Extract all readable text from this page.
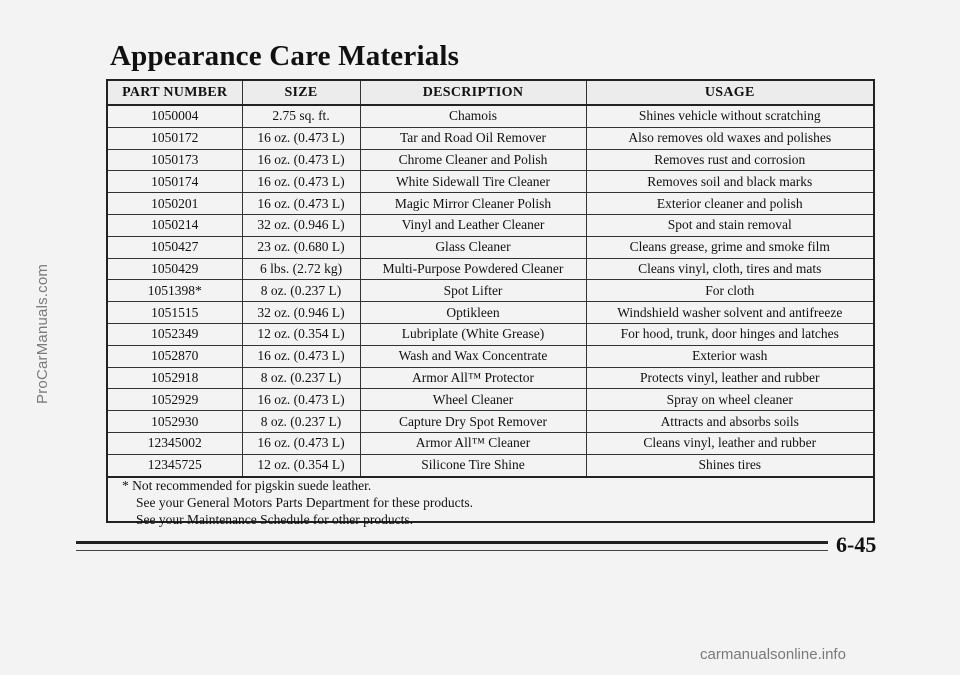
Appearance Care Materials
PART NUMBER	SIZE	DESCRIPTION	USAGE
1050004	2.75 sq. ft.	Chamois	Shines vehicle without scratching
1050172	16 oz. (0.473 L)	Tar and Road Oil Remover	Also removes old waxes and polishes
1050173	16 oz. (0.473 L)	Chrome Cleaner and Polish	Removes rust and corrosion
1050174	16 oz. (0.473 L)	White Sidewall Tire Cleaner	Removes soil and black marks
1050201	16 oz. (0.473 L)	Magic Mirror Cleaner Polish	Exterior cleaner and polish
1050214	32 oz. (0.946 L)	Vinyl and Leather Cleaner	Spot and stain removal
1050427	23 oz. (0.680 L)	Glass Cleaner	Cleans grease, grime and smoke film
1050429	6 lbs. (2.72 kg)	Multi-Purpose Powdered Cleaner	Cleans vinyl, cloth, tires and mats
1051398*	8 oz. (0.237 L)	Spot Lifter	For cloth
1051515	32 oz. (0.946 L)	Optikleen	Windshield washer solvent and antifreeze
1052349	12 oz. (0.354 L)	Lubriplate (White Grease)	For hood, trunk, door hinges and latches
1052870	16 oz. (0.473 L)	Wash and Wax Concentrate	Exterior wash
1052918	8 oz. (0.237 L)	Armor All™ Protector	Protects vinyl, leather and rubber
1052929	16 oz. (0.473 L)	Wheel Cleaner	Spray on wheel cleaner
1052930	8 oz. (0.237 L)	Capture Dry Spot Remover	Attracts and absorbs soils
12345002	16 oz. (0.473 L)	Armor All™ Cleaner	Cleans vinyl, leather and rubber
12345725	12 oz. (0.354 L)	Silicone Tire Shine	Shines tires
* Not recommended for pigskin suede leather.
See your General Motors Parts Department for these products.
See your Maintenance Schedule for other products.
6-45
ProCarManuals.com
carmanualsonline.info
